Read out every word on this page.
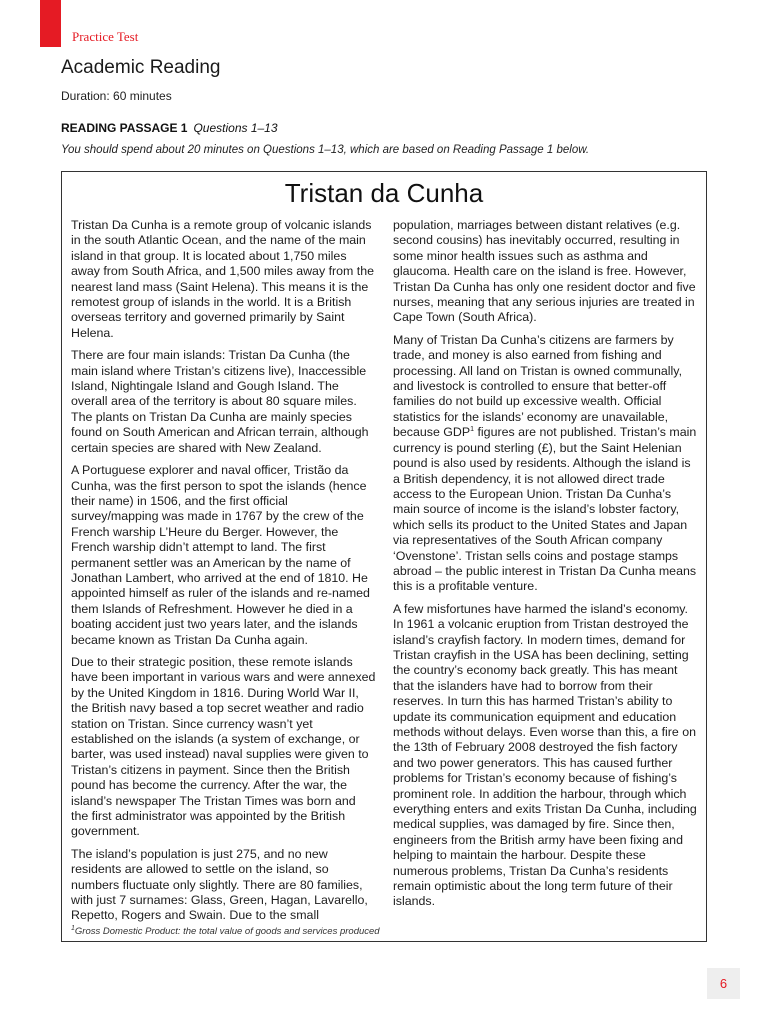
Practice Test
Academic Reading
Duration: 60 minutes
READING PASSAGE 1 Questions 1–13
You should spend about 20 minutes on Questions 1–13, which are based on Reading Passage 1 below.
Tristan da Cunha

Tristan Da Cunha is a remote group of volcanic islands in the south Atlantic Ocean, and the name of the main island in that group. It is located about 1,750 miles away from South Africa, and 1,500 miles away from the nearest land mass (Saint Helena). This means it is the remotest group of islands in the world. It is a British overseas territory and governed primarily by Saint Helena.

There are four main islands: Tristan Da Cunha (the main island where Tristan’s citizens live), Inaccessible Island, Nightingale Island and Gough Island. The overall area of the territory is about 80 square miles. The plants on Tristan Da Cunha are mainly species found on South American and African terrain, although certain species are shared with New Zealand.

A Portuguese explorer and naval officer, Tristão da Cunha, was the first person to spot the islands (hence their name) in 1506, and the first official survey/mapping was made in 1767 by the crew of the French warship L’Heure du Berger. However, the French warship didn’t attempt to land. The first permanent settler was an American by the name of Jonathan Lambert, who arrived at the end of 1810. He appointed himself as ruler of the islands and re-named them Islands of Refreshment. However he died in a boating accident just two years later, and the islands became known as Tristan Da Cunha again.

Due to their strategic position, these remote islands have been important in various wars and were annexed by the United Kingdom in 1816. During World War II, the British navy based a top secret weather and radio station on Tristan. Since currency wasn’t yet established on the islands (a system of exchange, or barter, was used instead) naval supplies were given to Tristan’s citizens in payment. Since then the British pound has become the currency. After the war, the island’s newspaper The Tristan Times was born and the first administrator was appointed by the British government.

The island’s population is just 275, and no new residents are allowed to settle on the island, so numbers fluctuate only slightly. There are 80 families, with just 7 surnames: Glass, Green, Hagan, Lavarello, Repetto, Rogers and Swain. Due to the small

population, marriages between distant relatives (e.g. second cousins) has inevitably occurred, resulting in some minor health issues such as asthma and glaucoma. Health care on the island is free. However, Tristan Da Cunha has only one resident doctor and five nurses, meaning that any serious injuries are treated in Cape Town (South Africa).

Many of Tristan Da Cunha’s citizens are farmers by trade, and money is also earned from fishing and processing. All land on Tristan is owned communally, and livestock is controlled to ensure that better-off families do not build up excessive wealth. Official statistics for the islands’ economy are unavailable, because GDP$^1$ figures are not published. Tristan’s main currency is pound sterling (£), but the Saint Helenian pound is also used by residents. Although the island is a British dependency, it is not allowed direct trade access to the European Union. Tristan Da Cunha’s main source of income is the island’s lobster factory, which sells its product to the United States and Japan via representatives of the South African company ‘Ovenstone’. Tristan sells coins and postage stamps abroad – the public interest in Tristan Da Cunha means this is a profitable venture.

A few misfortunes have harmed the island’s economy. In 1961 a volcanic eruption from Tristan destroyed the island’s crayfish factory. In modern times, demand for Tristan crayfish in the USA has been declining, setting the country’s economy back greatly. This has meant that the islanders have had to borrow from their reserves. In turn this has harmed Tristan’s ability to update its communication equipment and education methods without delays. Even worse than this, a fire on the 13th of February 2008 destroyed the fish factory and two power generators. This has caused further problems for Tristan’s economy because of fishing’s prominent role. In addition the harbour, through which everything enters and exits Tristan Da Cunha, including medical supplies, was damaged by fire. Since then, engineers from the British army have been fixing and helping to maintain the harbour. Despite these numerous problems, Tristan Da Cunha’s residents remain optimistic about the long term future of their islands.

$^1$Gross Domestic Product: the total value of goods and services produced
6
